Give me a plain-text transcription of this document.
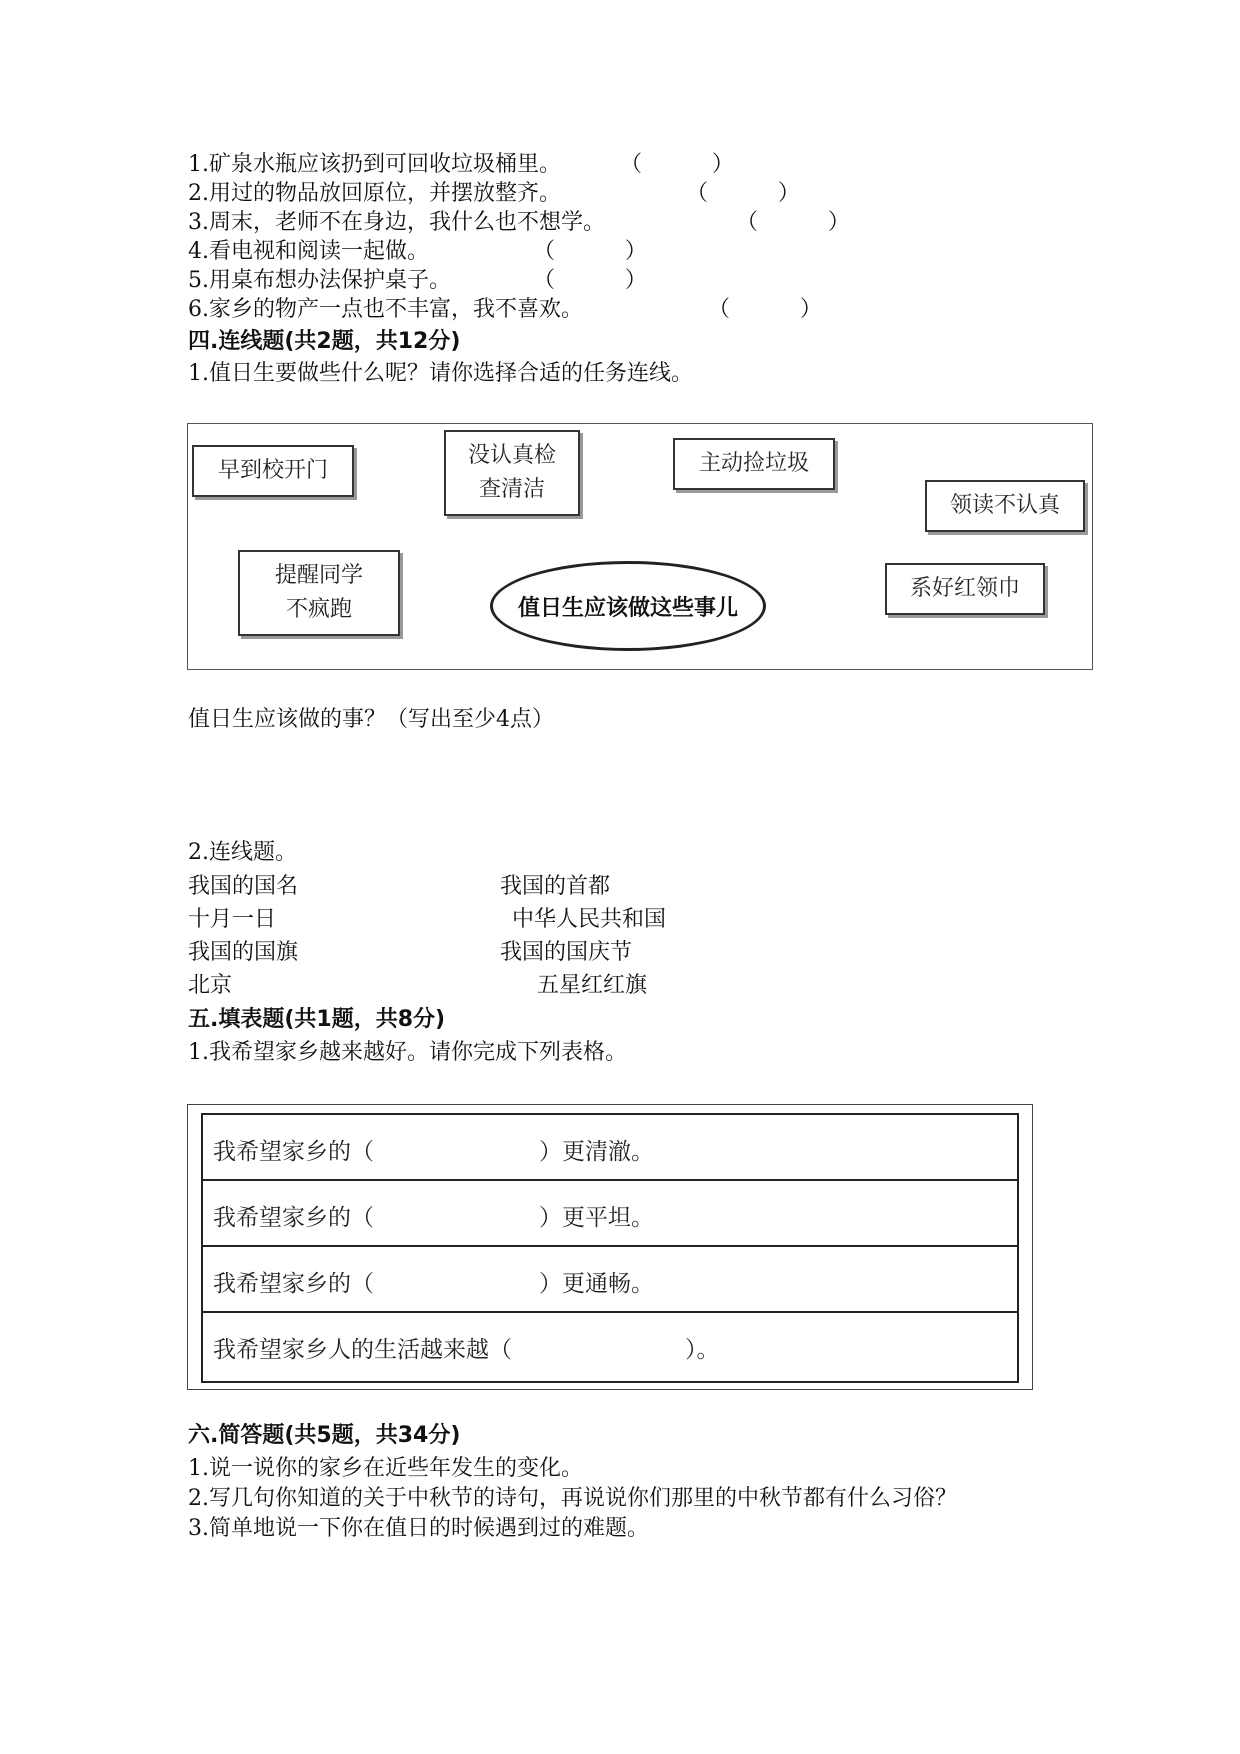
1.矿泉水瓶应该扔到可回收垃圾桶里。	（          ）
2.用过的物品放回原位，并摆放整齐。	（          ）
3.周末，老师不在身边，我什么也不想学。	（          ）
4.看电视和阅读一起做。	（          ）
5.用桌布想办法保护桌子。	（          ）
6.家乡的物产一点也不丰富，我不喜欢。	（          ）
四.连线题(共2题，共12分)
1.值日生要做些什么呢？请你选择合适的任务连线。
早到校开门
没认真检
查清洁
主动捡垃圾
领读不认真
提醒同学
不疯跑
系好红领巾
值日生应该做这些事儿
值日生应该做的事？（写出至少4点）
2.连线题。
我国的国名	我国的首都
十月一日	中华人民共和国
我国的国旗	我国的国庆节
北京	五星红红旗
五.填表题(共1题，共8分)
1.我希望家乡越来越好。请你完成下列表格。
我希望家乡的（	）更清澈。
我希望家乡的（	）更平坦。
我希望家乡的（	）更通畅。
我希望家乡人的生活越来越（	）。
六.简答题(共5题，共34分)
1.说一说你的家乡在近些年发生的变化。
2.写几句你知道的关于中秋节的诗句，再说说你们那里的中秋节都有什么习俗？
3.简单地说一下你在值日的时候遇到过的难题。
